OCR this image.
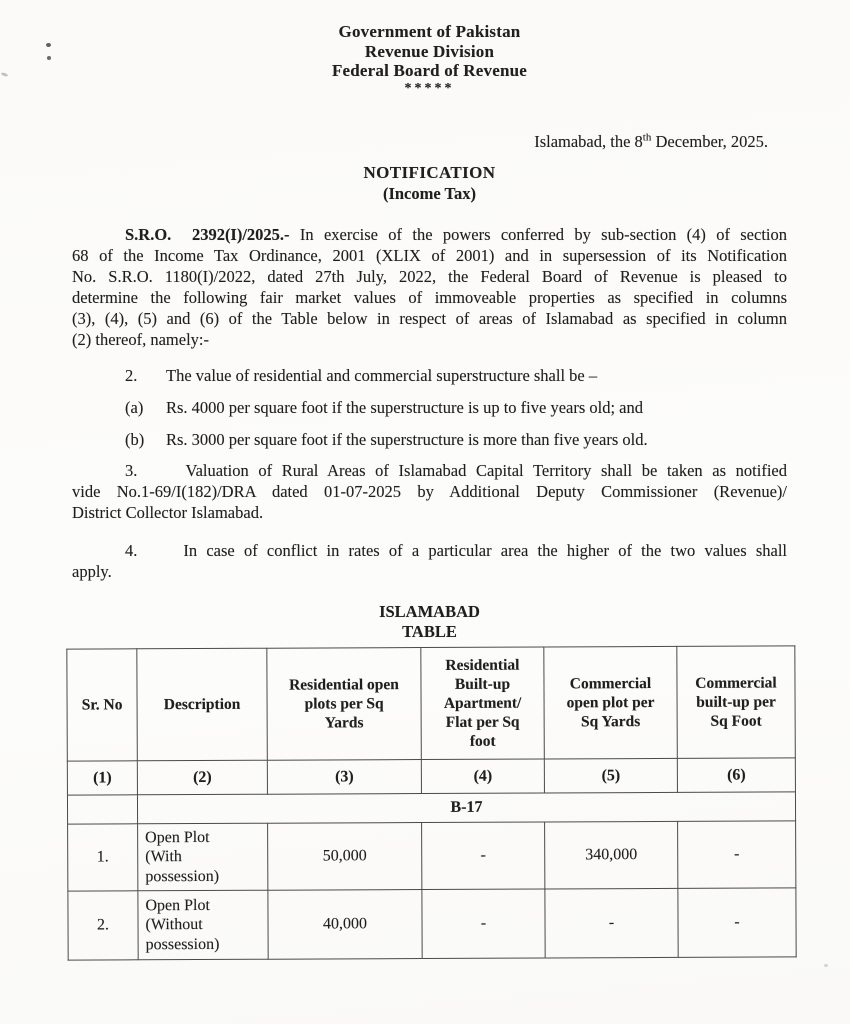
Government of Pakistan
Revenue Division
Federal Board of Revenue
*****
Islamabad, the 8th December, 2025.
NOTIFICATION
(Income Tax)
S.R.O.  2392(I)/2025.- In exercise of the powers conferred by sub-section (4) of section
68 of the Income Tax Ordinance, 2001 (XLIX of 2001) and in supersession of its Notification
No. S.R.O. 1180(I)/2022, dated 27th July, 2022, the Federal Board of Revenue is pleased to
determine the following fair market values of immoveable properties as specified in columns
(3), (4), (5) and (6) of the Table below in respect of areas of Islamabad as specified in column
(2) thereof, namely:-
2.	The value of residential and commercial superstructure shall be –
(a)	Rs. 4000 per square foot if the superstructure is up to five years old; and
(b)	Rs. 3000 per square foot if the superstructure is more than five years old.
3.     Valuation of Rural Areas of Islamabad Capital Territory shall be taken as notified
vide No.1-69/I(182)/DRA dated 01-07-2025 by Additional Deputy Commissioner (Revenue)/
District Collector Islamabad.
4.     In case of conflict in rates of a particular area the higher of the two values shall
apply.
ISLAMABAD
TABLE
Sr. No	Description	Residential open
plots per Sq
Yards	Residential
Built-up
Apartment/
Flat per Sq
foot	Commercial
open plot per
Sq Yards	Commercial
built-up per
Sq Foot
(1)	(2)	(3)	(4)	(5)	(6)
	B-17				
1.	Open Plot
(With
possession)	50,000	-	340,000	-
2.	Open Plot
(Without
possession)	40,000	-	-	-
